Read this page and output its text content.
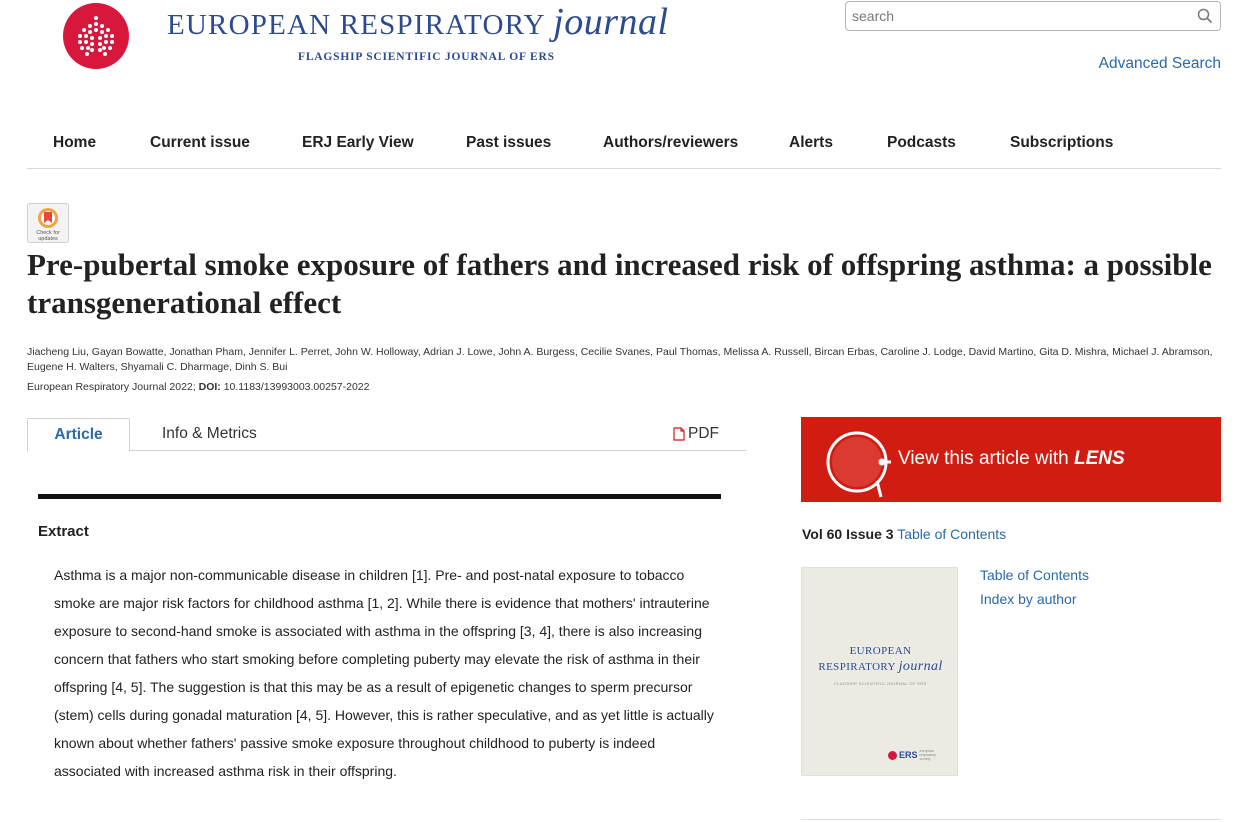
EUROPEAN RESPIRATORY journal
FLAGSHIP SCIENTIFIC JOURNAL OF ERS
search	Advanced Search
Home	Current issue	ERJ Early View	Past issues	Authors/reviewers	Alerts	Podcasts	Subscriptions
Check for updates
Pre-pubertal smoke exposure of fathers and increased risk of offspring asthma: a possible transgenerational effect
Jiacheng Liu, Gayan Bowatte, Jonathan Pham, Jennifer L. Perret, John W. Holloway, Adrian J. Lowe, John A. Burgess, Cecilie Svanes, Paul Thomas, Melissa A. Russell, Bircan Erbas, Caroline J. Lodge, David Martino, Gita D. Mishra, Michael J. Abramson, Eugene H. Walters, Shyamali C. Dharmage, Dinh S. Bui
European Respiratory Journal 2022; DOI: 10.1183/13993003.00257-2022
Article	Info & Metrics	PDF
Extract

Asthma is a major non-communicable disease in children [1]. Pre- and post-natal exposure to tobacco smoke are major risk factors for childhood asthma [1, 2]. While there is evidence that mothers' intrauterine exposure to second-hand smoke is associated with asthma in the offspring [3, 4], there is also increasing concern that fathers who start smoking before completing puberty may elevate the risk of asthma in their offspring [4, 5]. The suggestion is that this may be as a result of epigenetic changes to sperm precursor (stem) cells during gonadal maturation [4, 5]. However, this is rather speculative, and as yet little is actually known about whether fathers' passive smoke exposure throughout childhood to puberty is indeed associated with increased asthma risk in their offspring.

View this article with LENS
Vol 60 Issue 3 Table of Contents
EUROPEAN
RESPIRATORY journal
FLAGSHIP SCIENTIFIC JOURNAL OF ERS
ERS european respiratory society
Table of Contents
Index by author
